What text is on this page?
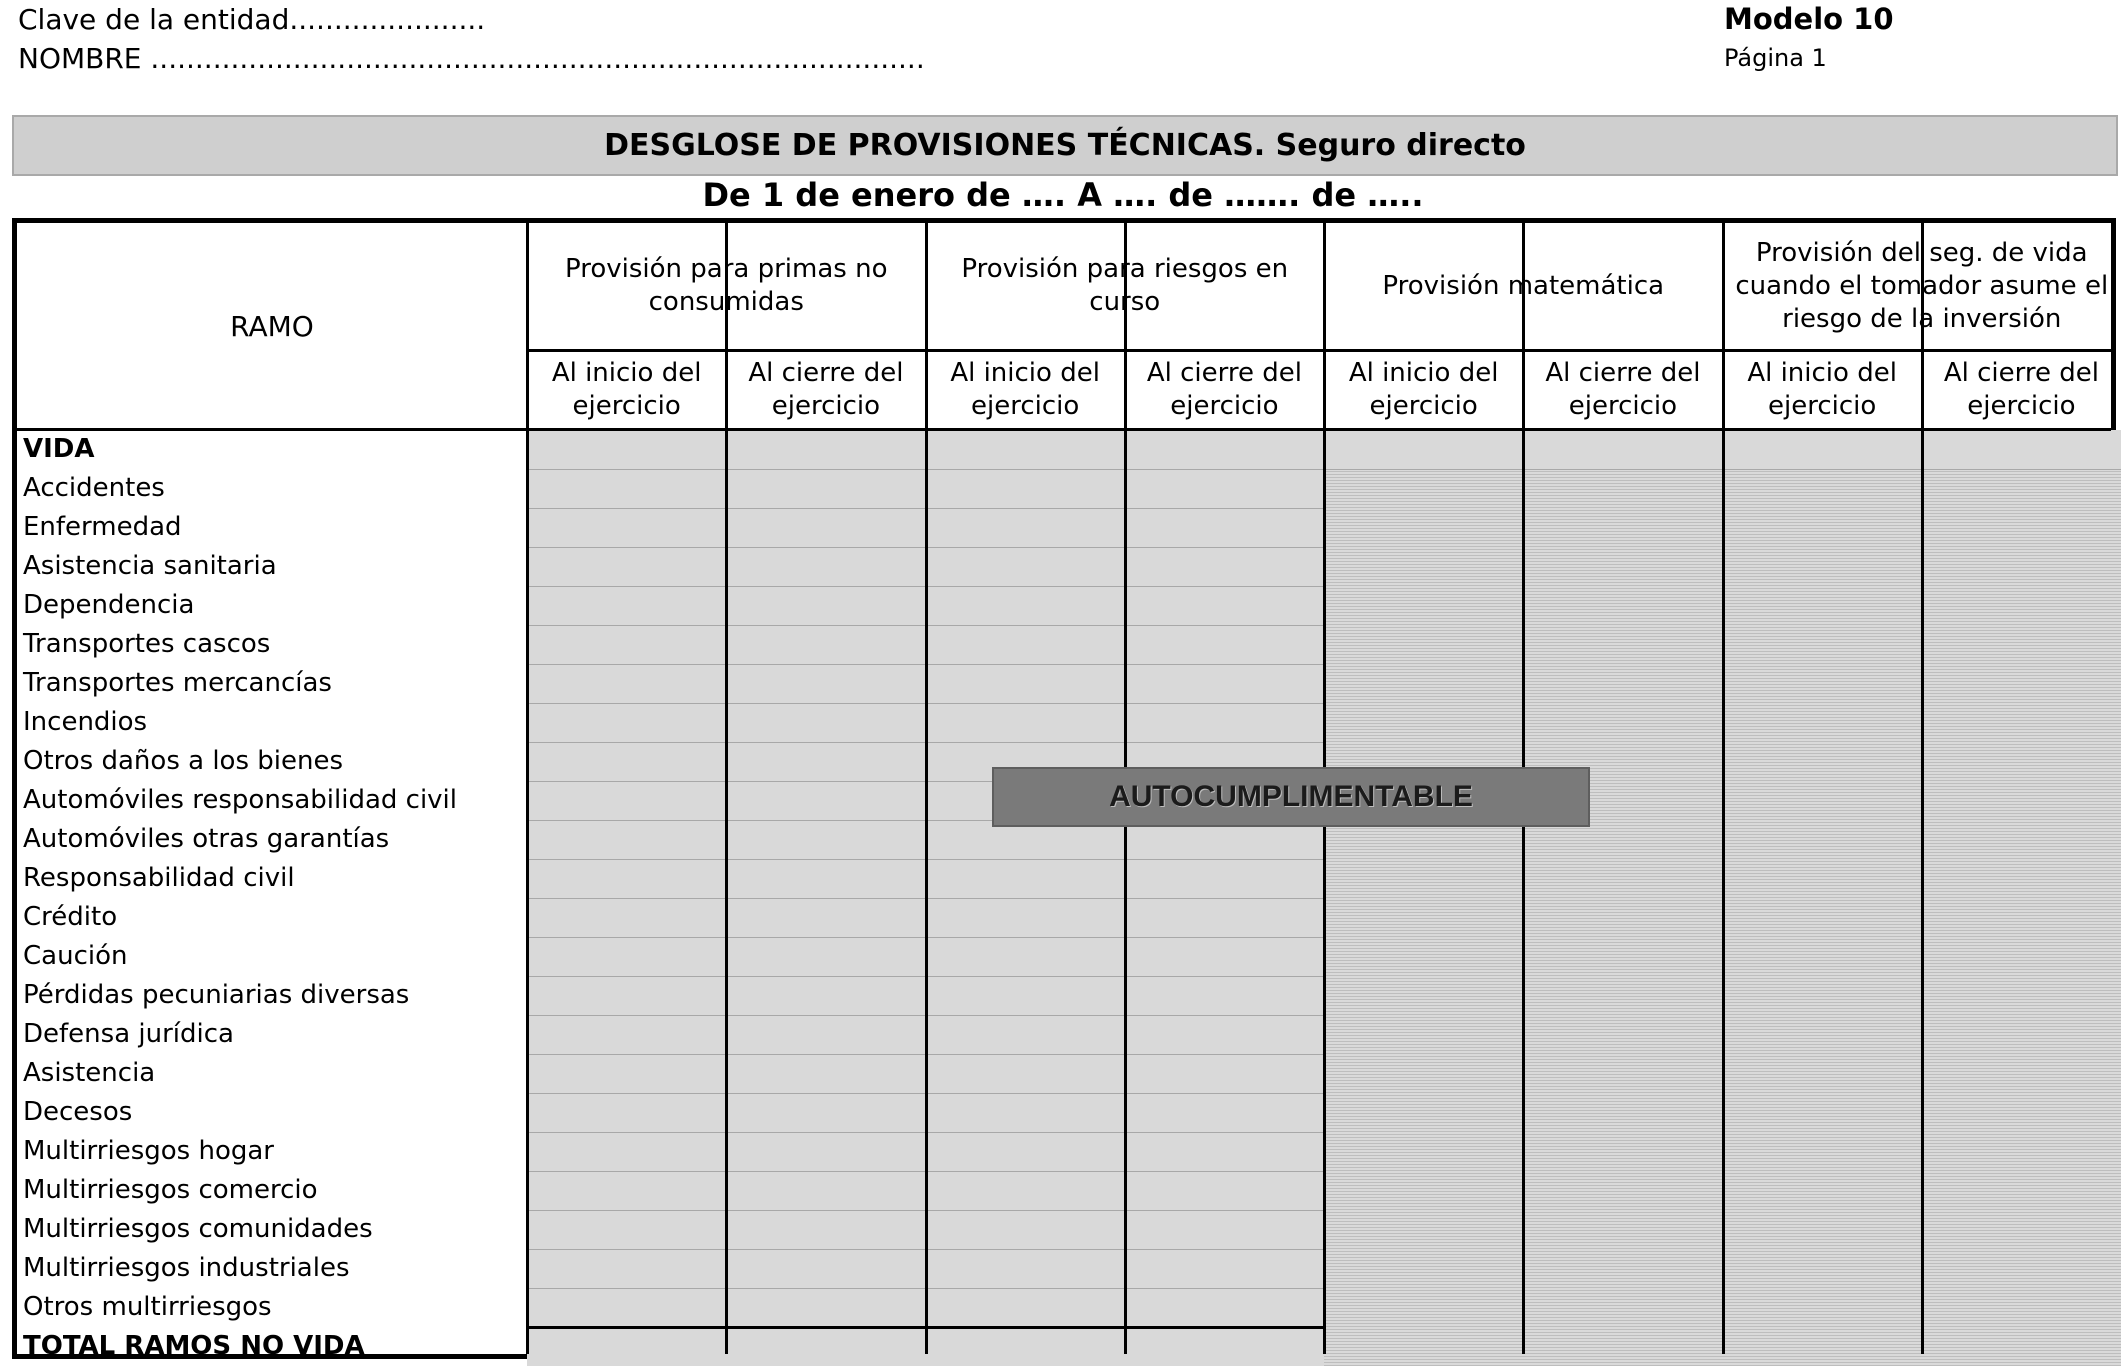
Clave de la entidad......................
NOMBRE .......................................................................................
Modelo 10
Página 1
DESGLOSE DE PROVISIONES TÉCNICAS. Seguro directo
De 1 de enero de …. A …. de ……. de …..
RAMO
Provisión para primas no consumidas
Provisión para riesgos en curso
Provisión matemática
Provisión del seg. de vida cuando el tomador asume el riesgo de la inversión
Al inicio del ejercicio
Al cierre del ejercicio
Al inicio del ejercicio
Al cierre del ejercicio
Al inicio del ejercicio
Al cierre del ejercicio
Al inicio del ejercicio
Al cierre del ejercicio
VIDA
Accidentes
Enfermedad
Asistencia sanitaria
Dependencia
Transportes cascos
Transportes mercancías
Incendios
Otros daños a los bienes
Automóviles responsabilidad civil
Automóviles otras garantías
Responsabilidad civil
Crédito
Caución
Pérdidas pecuniarias diversas
Defensa jurídica
Asistencia
Decesos
Multirriesgos hogar
Multirriesgos comercio
Multirriesgos comunidades
Multirriesgos industriales
Otros multirriesgos
TOTAL RAMOS NO VIDA
AUTOCUMPLIMENTABLE
